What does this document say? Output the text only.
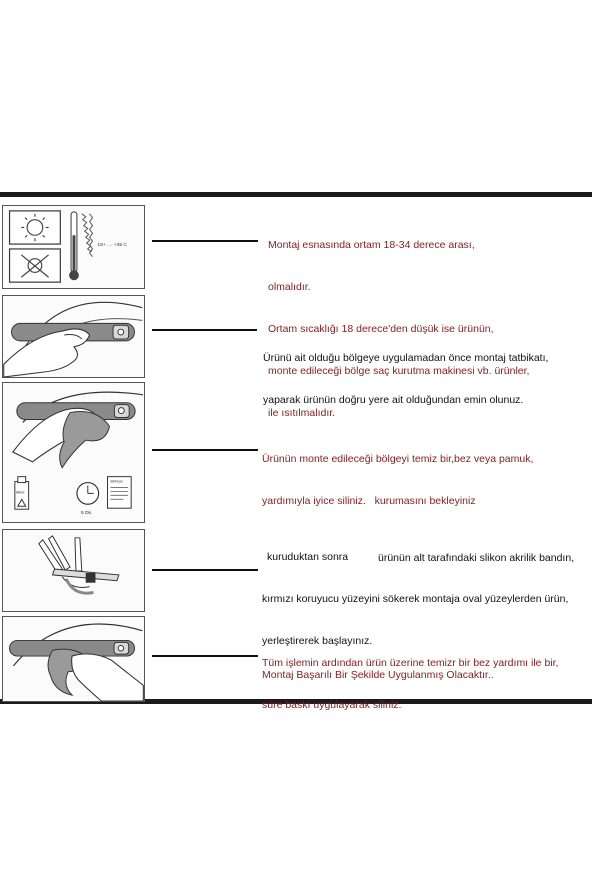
18+ .... +35 C

	Montaj esnasında ortam 18-34 derece arası,

olmalıdır.

Ortam sıcaklığı 18 derece'den düşük ise ürünün,

monte edileceği bölge saç kurutma makinesi vb. ürünler,

ile ısıtılmalıdır.

Ürünü ait olduğu bölgeye uygulamadan önce montaj tatbikatı,

yaparak ürünün doğru yere ait olduğundan emin olunuz.

Alkol
5 Dk.
Birimyel

Ürünün monte edileceği bölgeyi temiz bir,bez veya pamuk,

yardımıyla iyice siliniz.   kurumasını bekleyiniz

kuruduktan sonra	ürünün alt tarafındaki slikon akrilik bandın,

kırmızı koruyucu yüzeyini sökerek montaja oval yüzeylerden ürün,

yerleştirerek başlayınız.

Tüm işlemin ardından ürün üzerine temizr bir bez yardımı ile bir,

süre baskı uygulayarak siliniz.

Montaj Başarılı Bir Şekilde Uygulanmış Olacaktır..
